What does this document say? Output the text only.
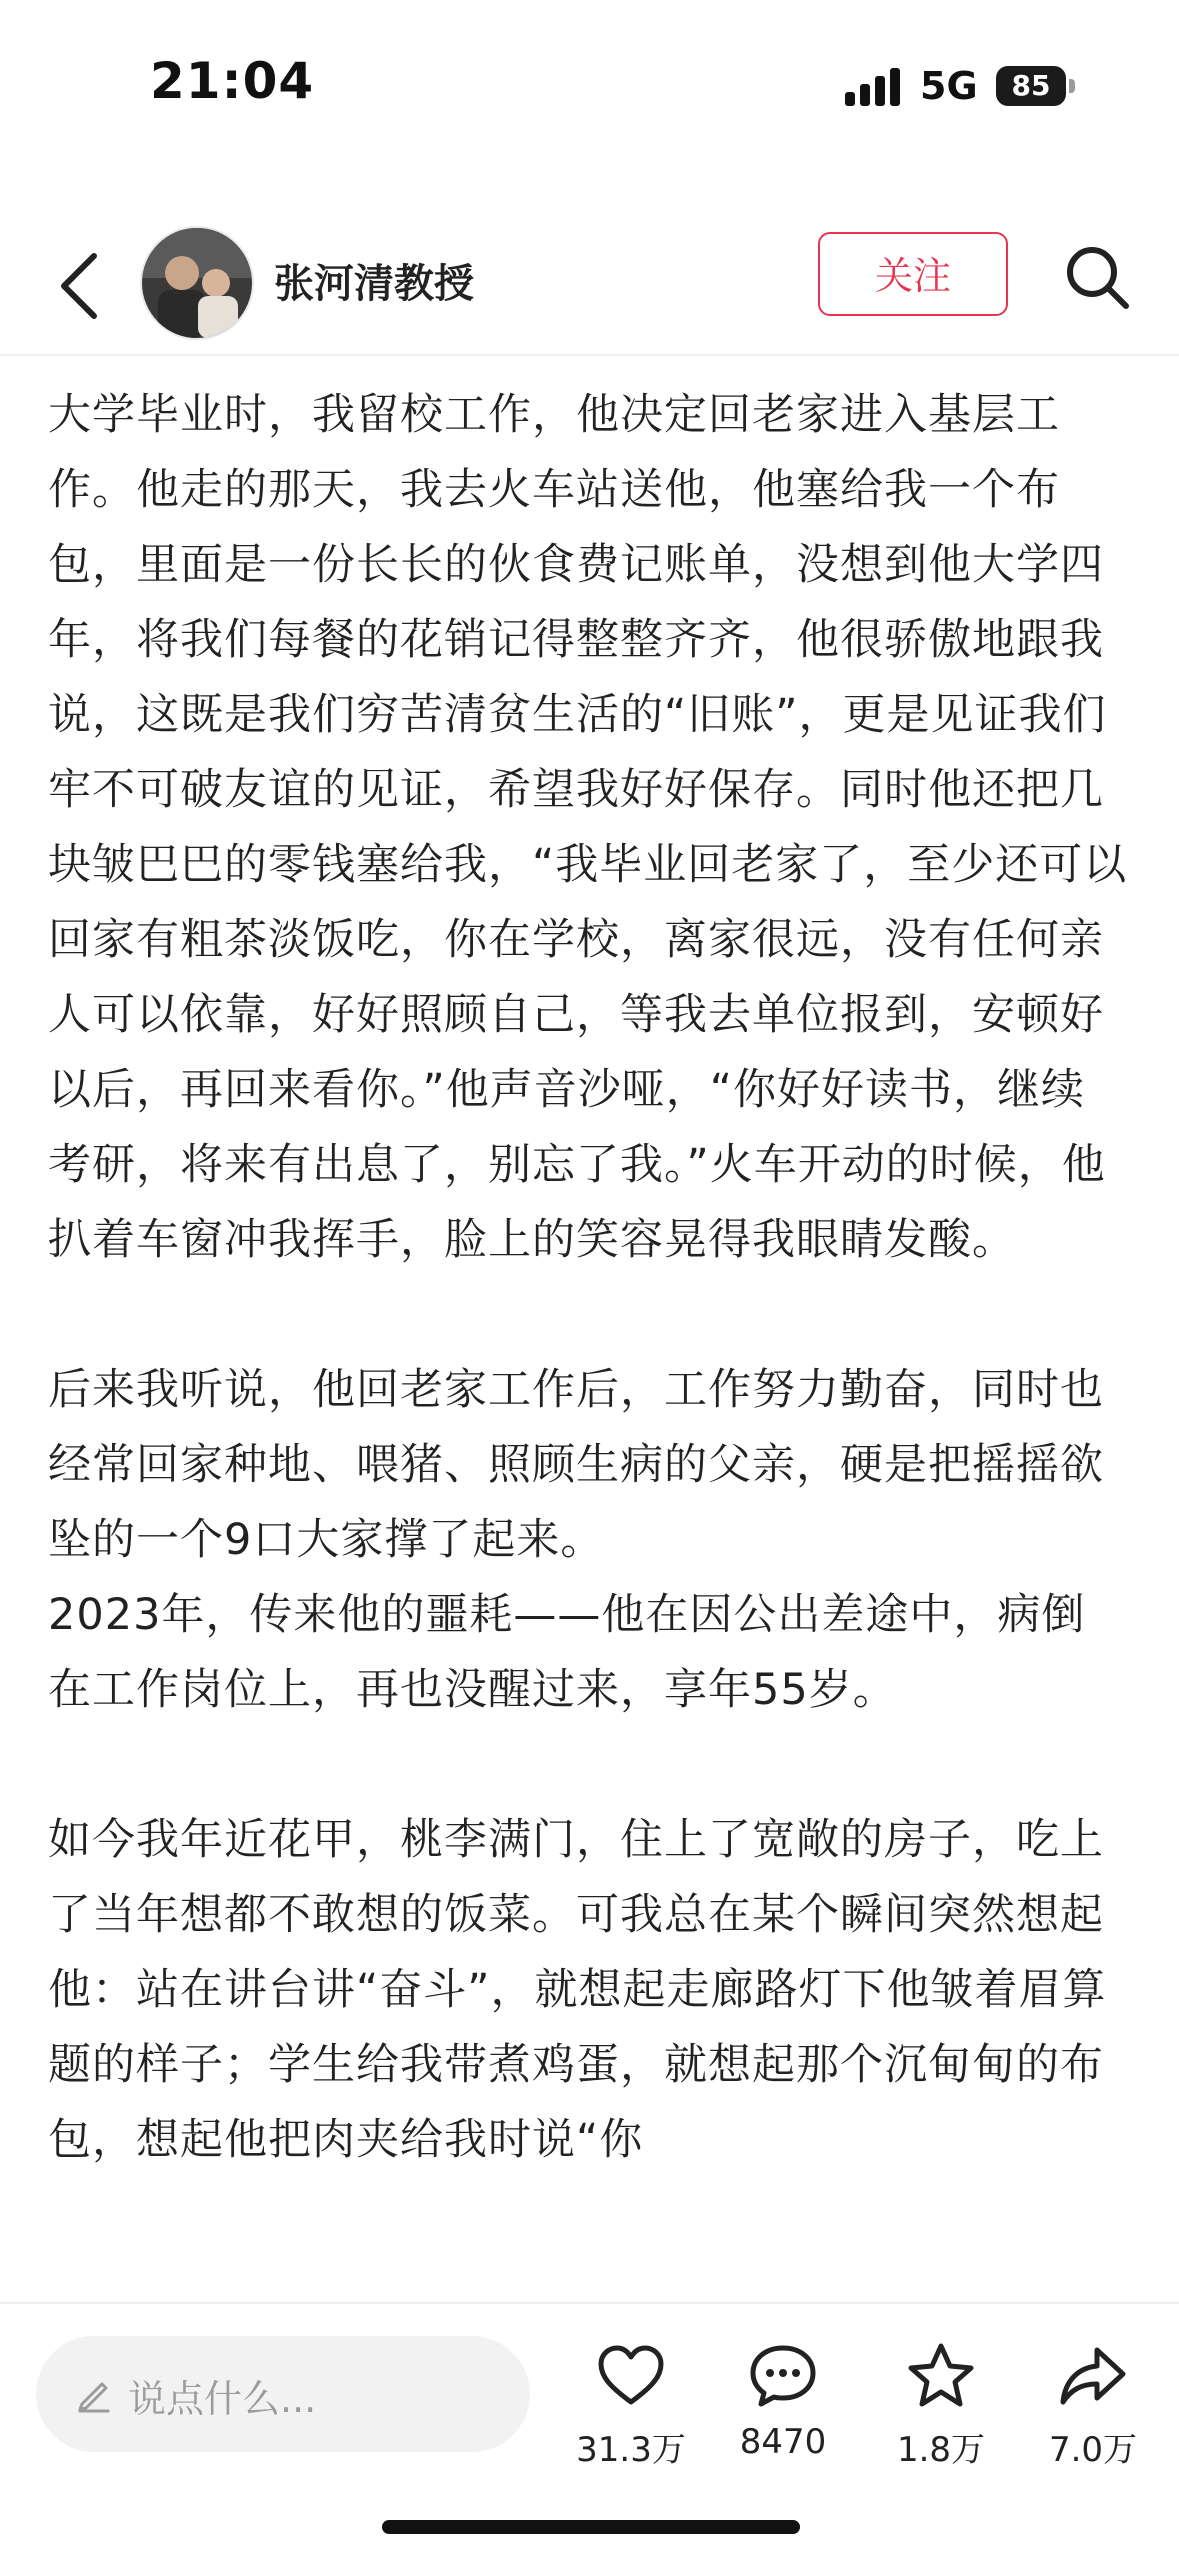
21:04	5G	85
张河清教授	关注

大学毕业时，我留校工作，他决定回老家进入基层工作。他走的那天，我去火车站送他，他塞给我一个布包，里面是一份长长的伙食费记账单，没想到他大学四年，将我们每餐的花销记得整整齐齐，他很骄傲地跟我说，这既是我们穷苦清贫生活的“旧账”，更是见证我们牢不可破友谊的见证，希望我好好保存。同时他还把几块皱巴巴的零钱塞给我，“我毕业回老家了，至少还可以回家有粗茶淡饭吃，你在学校，离家很远，没有任何亲人可以依靠，好好照顾自己，等我去单位报到，安顿好以后，再回来看你。”他声音沙哑，“你好好读书，继续考研，将来有出息了，别忘了我。”火车开动的时候，他扒着车窗冲我挥手，脸上的笑容晃得我眼睛发酸。

后来我听说，他回老家工作后，工作努力勤奋，同时也经常回家种地、喂猪、照顾生病的父亲，硬是把摇摇欲坠的一个9口大家撑了起来。
2023年，传来他的噩耗——他在因公出差途中，病倒在工作岗位上，再也没醒过来，享年55岁。

如今我年近花甲，桃李满门，住上了宽敞的房子，吃上了当年想都不敢想的饭菜。可我总在某个瞬间突然想起他：站在讲台讲“奋斗”，就想起走廊路灯下他皱着眉算题的样子；学生给我带煮鸡蛋，就想起那个沉甸甸的布包，想起他把肉夹给我时说“你

说点什么...
31.3万	8470	1.8万	7.0万
